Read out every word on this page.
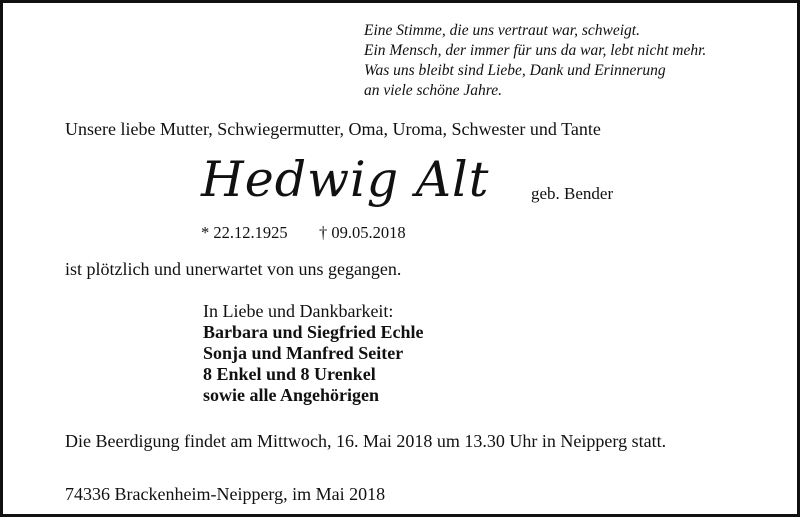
Eine Stimme, die uns vertraut war, schweigt.
Ein Mensch, der immer für uns da war, lebt nicht mehr.
Was uns bleibt sind Liebe, Dank und Erinnerung
an viele schöne Jahre.

Unsere liebe Mutter, Schwiegermutter, Oma, Uroma, Schwester und Tante

Hedwig Alt geb. Bender

* 22.12.1925 † 09.05.2018

ist plötzlich und unerwartet von uns gegangen.

In Liebe und Dankbarkeit:
Barbara und Siegfried Echle
Sonja und Manfred Seiter
8 Enkel und 8 Urenkel
sowie alle Angehörigen

Die Beerdigung findet am Mittwoch, 16. Mai 2018 um 13.30 Uhr in Neipperg statt.

74336 Brackenheim-Neipperg, im Mai 2018
